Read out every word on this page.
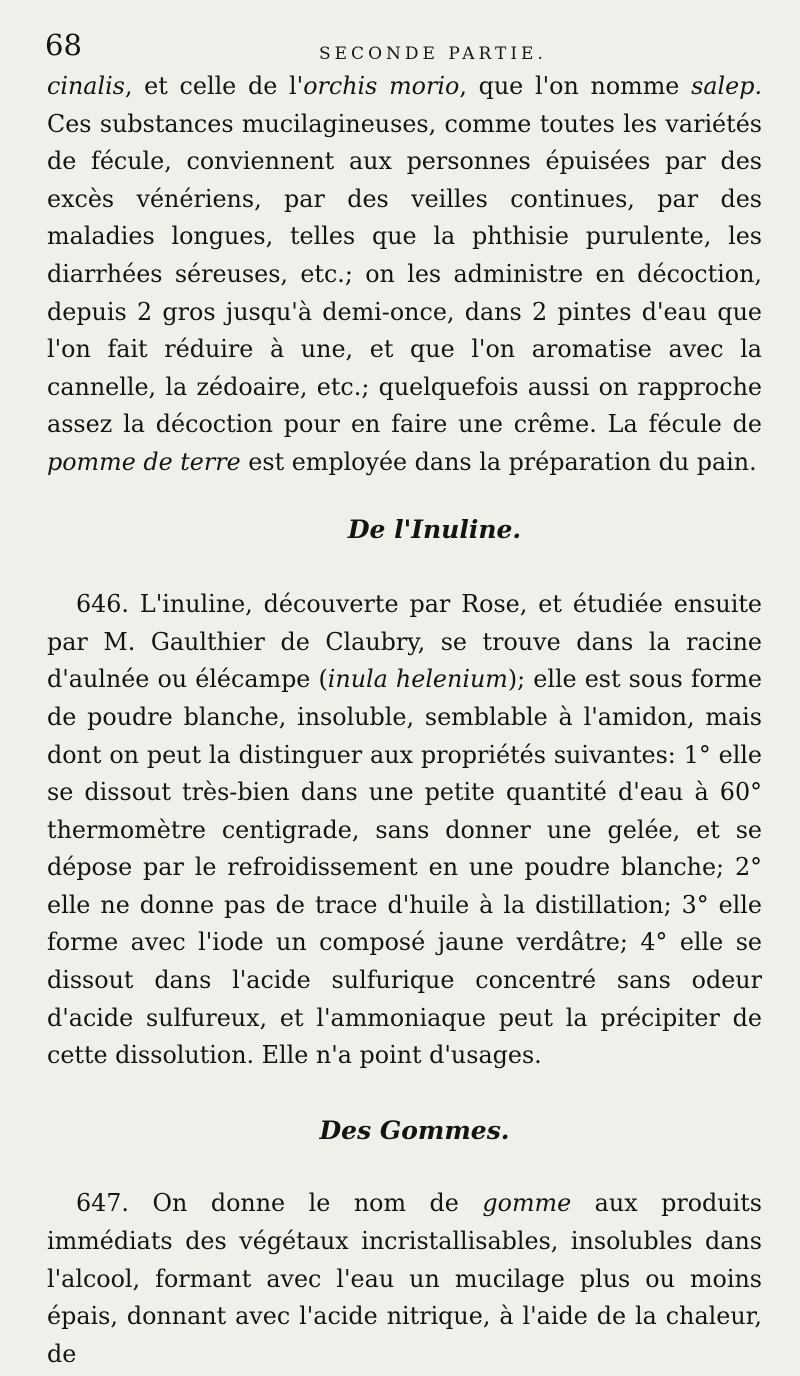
68	SECONDE PARTIE.

cinalis, et celle de l'orchis morio, que l'on nomme salep. Ces substances mucilagineuses, comme toutes les variétés de fécule, conviennent aux personnes épuisées par des excès vénériens, par des veilles continues, par des maladies longues, telles que la phthisie purulente, les diarrhées séreuses, etc.; on les administre en décoction, depuis 2 gros jusqu'à demi-once, dans 2 pintes d'eau que l'on fait réduire à une, et que l'on aromatise avec la cannelle, la zédoaire, etc.; quelquefois aussi on rapproche assez la décoction pour en faire une crême. La fécule de pomme de terre est employée dans la préparation du pain.

De l'Inuline.

646. L'inuline, découverte par Rose, et étudiée ensuite par M. Gaulthier de Claubry, se trouve dans la racine d'aulnée ou élécampe (inula helenium); elle est sous forme de poudre blanche, insoluble, semblable à l'amidon, mais dont on peut la distinguer aux propriétés suivantes: 1° elle se dissout très-bien dans une petite quantité d'eau à 60° thermomètre centigrade, sans donner une gelée, et se dépose par le refroidissement en une poudre blanche; 2° elle ne donne pas de trace d'huile à la distillation; 3° elle forme avec l'iode un composé jaune verdâtre; 4° elle se dissout dans l'acide sulfurique concentré sans odeur d'acide sulfureux, et l'ammoniaque peut la précipiter de cette dissolution. Elle n'a point d'usages.

Des Gommes.

647. On donne le nom de gomme aux produits immédiats des végétaux incristallisables, insolubles dans l'alcool, formant avec l'eau un mucilage plus ou moins épais, donnant avec l'acide nitrique, à l'aide de la chaleur, de
